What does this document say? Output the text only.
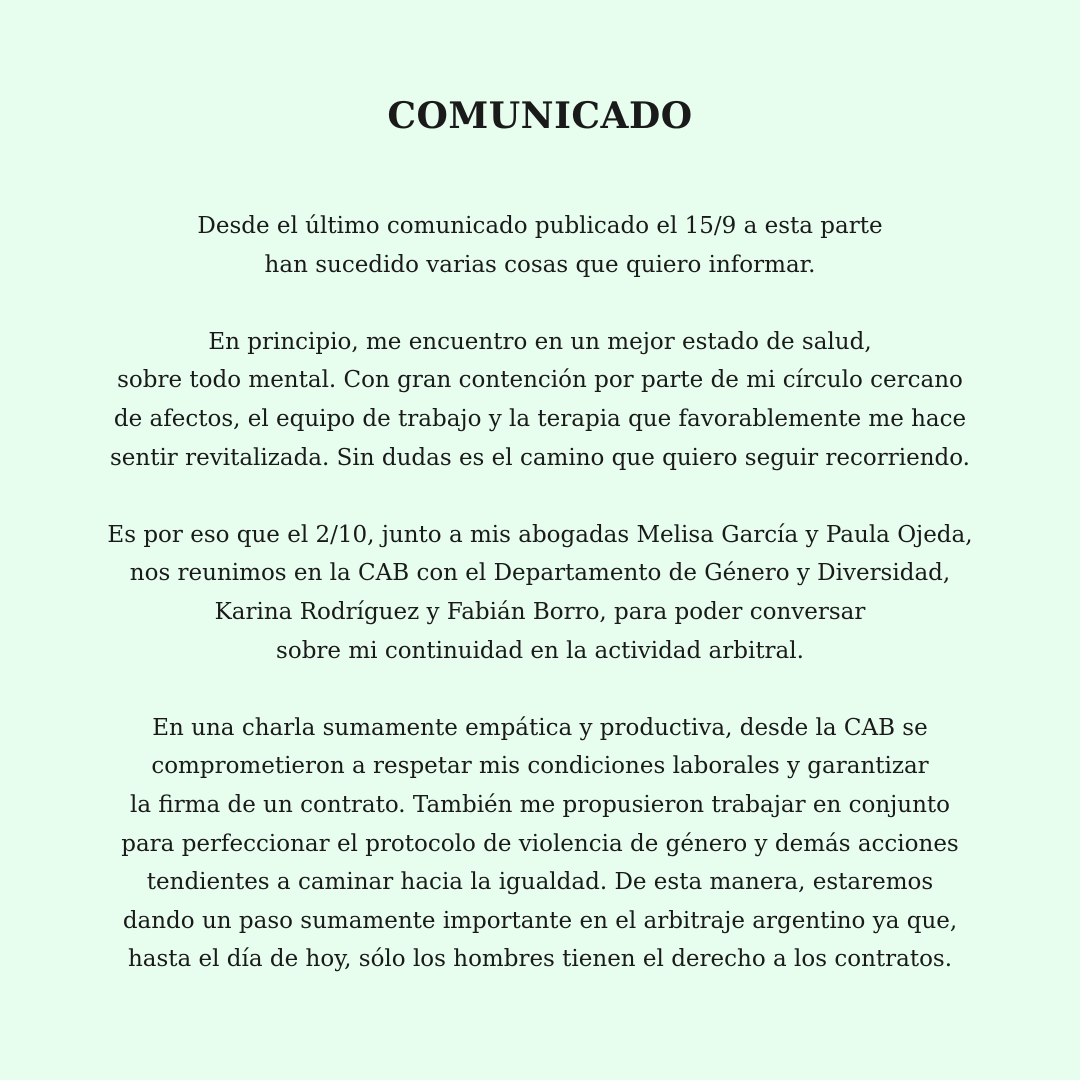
COMUNICADO

Desde el último comunicado publicado el 15/9 a esta parte
han sucedido varias cosas que quiero informar.

En principio, me encuentro en un mejor estado de salud,
sobre todo mental. Con gran contención por parte de mi círculo cercano
de afectos, el equipo de trabajo y la terapia que favorablemente me hace
sentir revitalizada. Sin dudas es el camino que quiero seguir recorriendo.

Es por eso que el 2/10, junto a mis abogadas Melisa García y Paula Ojeda,
nos reunimos en la CAB con el Departamento de Género y Diversidad,
Karina Rodríguez y Fabián Borro, para poder conversar
sobre mi continuidad en la actividad arbitral.

En una charla sumamente empática y productiva, desde la CAB se
comprometieron a respetar mis condiciones laborales y garantizar
la firma de un contrato. También me propusieron trabajar en conjunto
para perfeccionar el protocolo de violencia de género y demás acciones
tendientes a caminar hacia la igualdad. De esta manera, estaremos
dando un paso sumamente importante en el arbitraje argentino ya que,
hasta el día de hoy, sólo los hombres tienen el derecho a los contratos.
